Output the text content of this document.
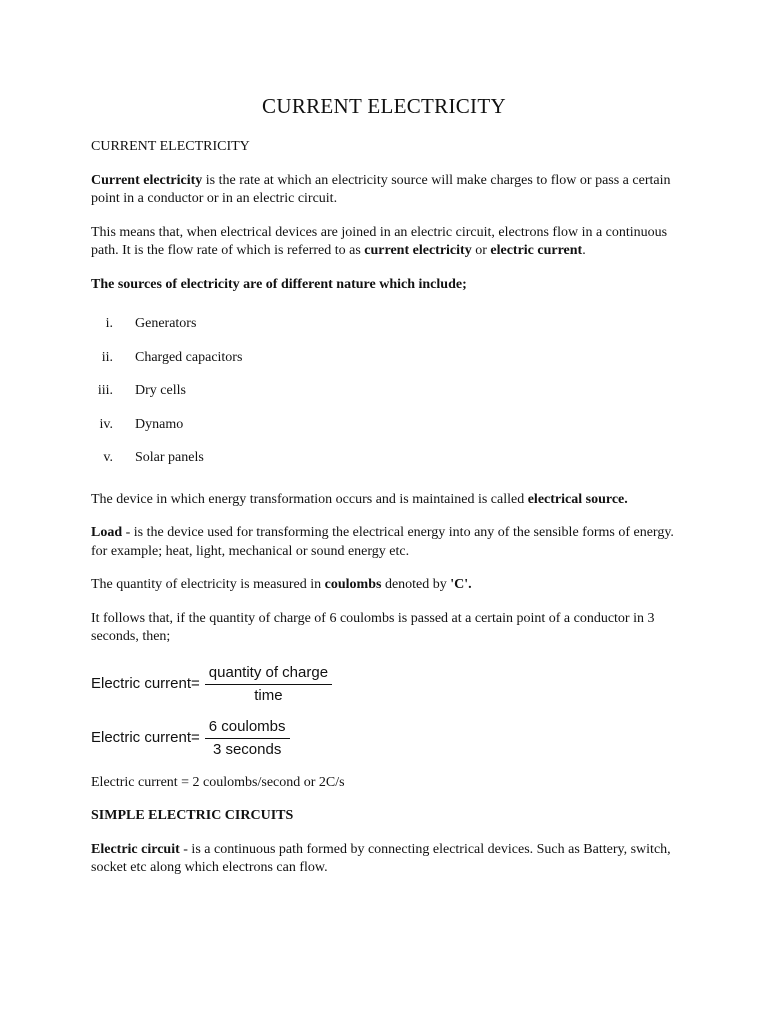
CURRENT ELECTRICITY
CURRENT ELECTRICITY

Current electricity is the rate at which an electricity source will make charges to flow or pass a certain point in a conductor or in an electric circuit.

This means that, when electrical devices are joined in an electric circuit, electrons flow in a continuous path. It is the flow rate of which is referred to as current electricity or electric current.

The sources of electricity are of different nature which include;

i. Generators
ii. Charged capacitors
iii. Dry cells
iv. Dynamo
v. Solar panels

The device in which energy transformation occurs and is maintained is called electrical source.

Load - is the device used for transforming the electrical energy into any of the sensible forms of energy. for example; heat, light, mechanical or sound energy etc.

The quantity of electricity is measured in coulombs denoted by 'C'.

It follows that, if the quantity of charge of 6 coulombs is passed at a certain point of a conductor in 3 seconds, then;

Electric current= $\frac{\text{quantity of charge}}{\text{time}}$
Electric current= $\frac{\text{6 coulombs}}{\text{3 seconds}}$

Electric current = 2 coulombs/second or 2C/s

SIMPLE ELECTRIC CIRCUITS

Electric circuit - is a continuous path formed by connecting electrical devices. Such as Battery, switch, socket etc along which electrons can flow.
